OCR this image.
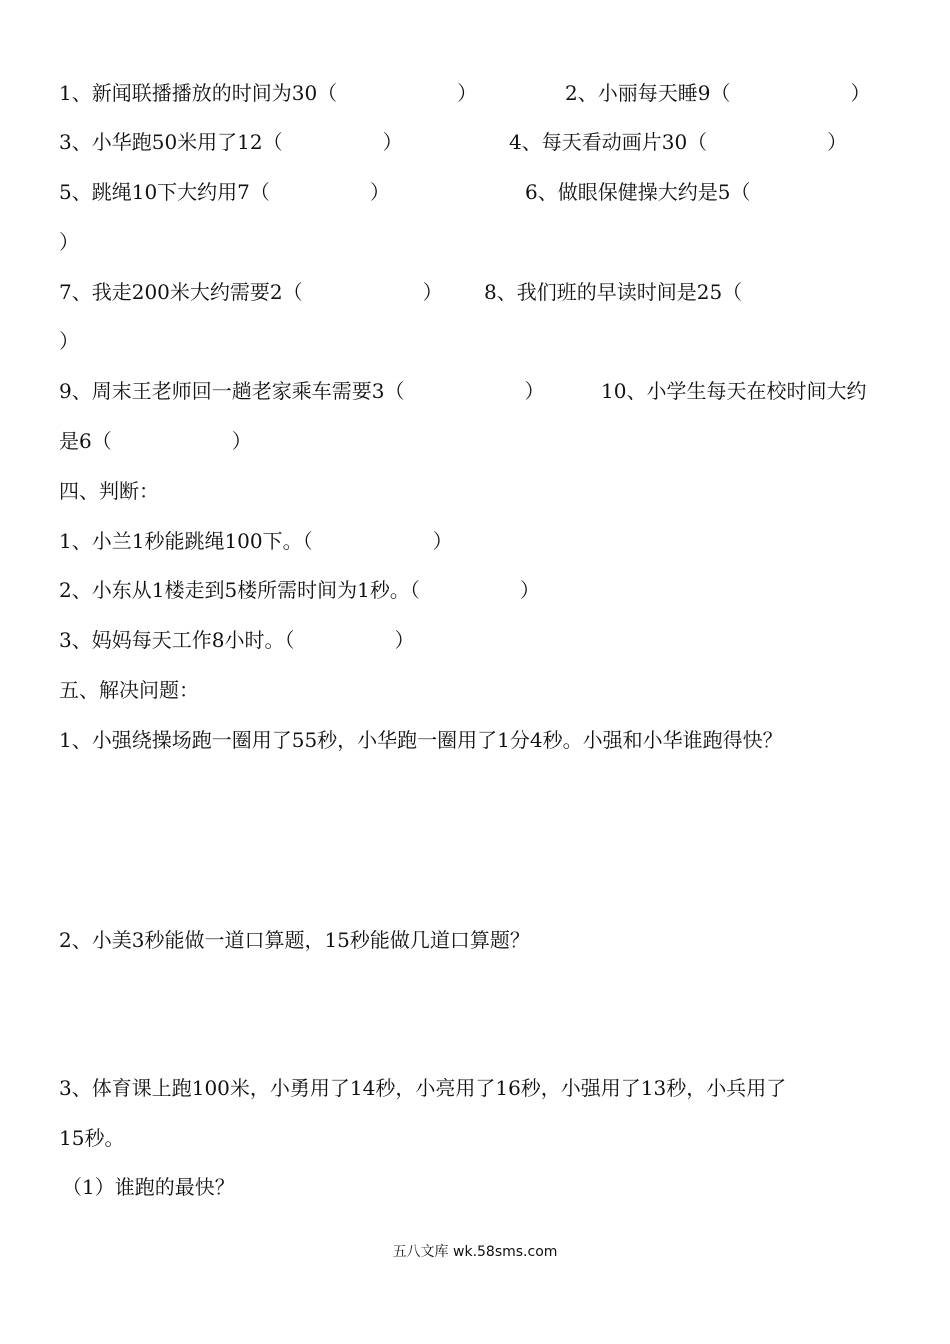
1、新闻联播播放的时间为30（　　　　　　）	2、小丽每天睡9（　　　　　　）
3、小华跑50米用了12（　　　　　）	4、每天看动画片30（　　　　　　）
5、跳绳10下大约用7（　　　　　）	6、做眼保健操大约是5（
）
7、我走200米大约需要2（　　　　　　） 8、我们班的早读时间是25（
）
9、周末王老师回一趟老家乘车需要3（　　　　　　）	10、小学生每天在校时间大约
是6（　　　　　　）
四、判断：
1、小兰1秒能跳绳100下。（　　　　　　）
2、小东从1楼走到5楼所需时间为1秒。（　　　　　）
3、妈妈每天工作8小时。（　　　　　）
五、解决问题：
1、小强绕操场跑一圈用了55秒，小华跑一圈用了1分4秒。小强和小华谁跑得快？
2、小美3秒能做一道口算题，15秒能做几道口算题？
3、体育课上跑100米，小勇用了14秒，小亮用了16秒，小强用了13秒，小兵用了
15秒。
（1）谁跑的最快？
五八文库 wk.58sms.com
